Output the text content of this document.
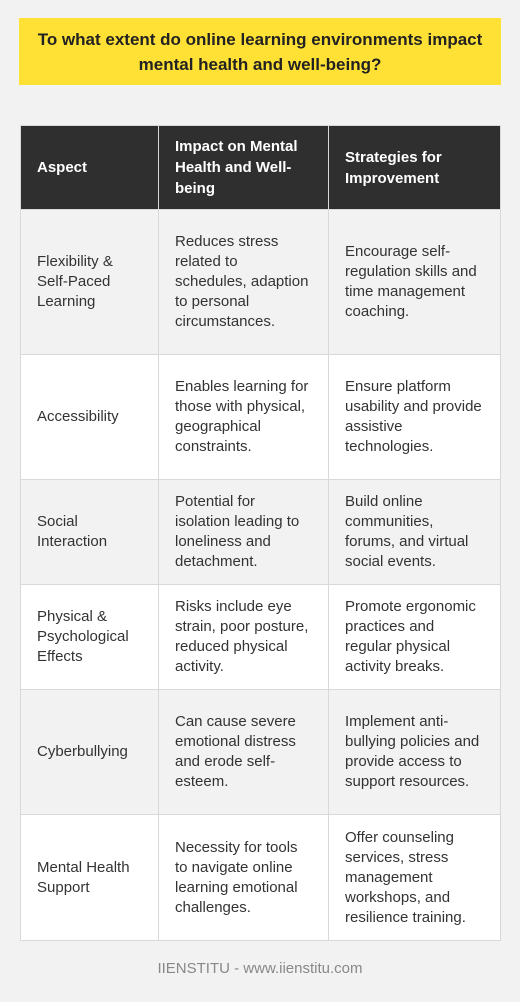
To what extent do online learning environments impact mental health and well-being?
Aspect	Impact on Mental Health and Well-being	Strategies for Improvement
Flexibility & Self-Paced Learning	Reduces stress related to schedules, adaption to personal circumstances.	Encourage self-regulation skills and time management coaching.
Accessibility	Enables learning for those with physical, geographical constraints.	Ensure platform usability and provide assistive technologies.
Social Interaction	Potential for isolation leading to loneliness and detachment.	Build online communities, forums, and virtual social events.
Physical & Psychological Effects	Risks include eye strain, poor posture, reduced physical activity.	Promote ergonomic practices and regular physical activity breaks.
Cyberbullying	Can cause severe emotional distress and erode self-esteem.	Implement anti-bullying policies and provide access to support resources.
Mental Health Support	Necessity for tools to navigate online learning emotional challenges.	Offer counseling services, stress management workshops, and resilience training.
IIENSTITU - www.iienstitu.com
